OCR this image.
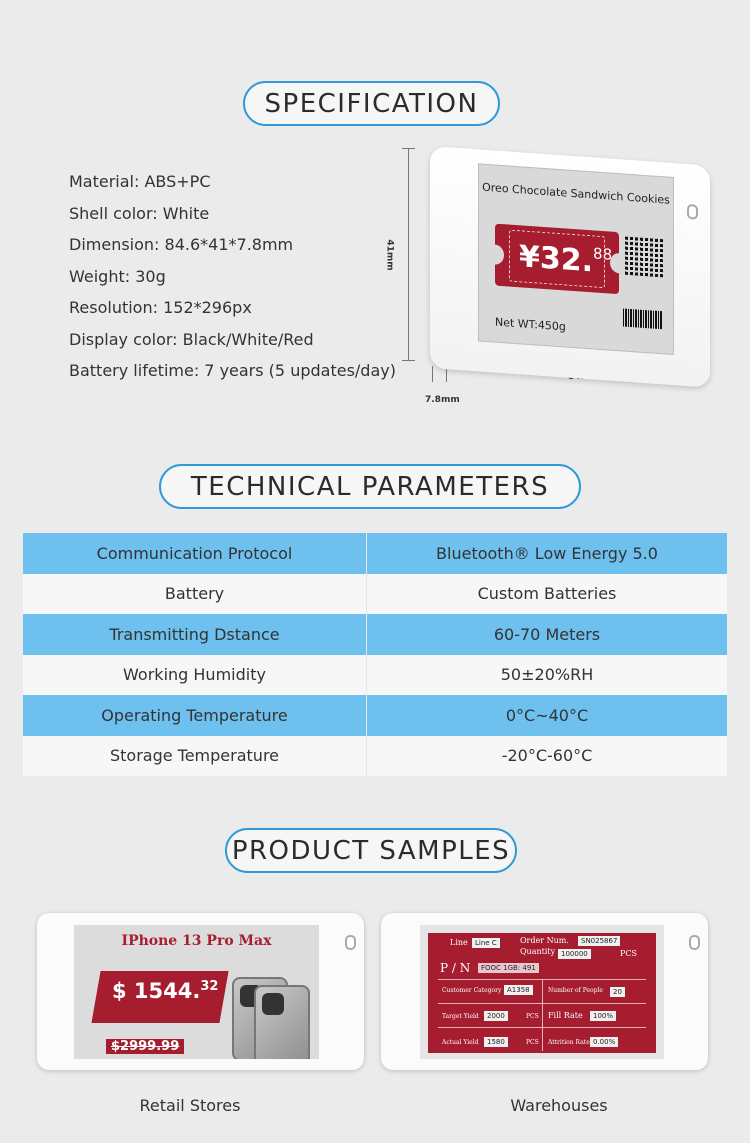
SPECIFICATION
Material: ABS+PC
Shell color: White
Dimension: 84.6*41*7.8mm
Weight: 30g
Resolution: 152*296px
Display color: Black/White/Red
Battery lifetime: 7 years (5 updates/day)
41mm
7.8mm
Oreo Chocolate Sandwich Cookies
¥32.88
Net WT:450g
TECHNICAL PARAMETERS
Communication Protocol	Bluetooth® Low Energy 5.0
Battery	Custom Batteries
Transmitting Dstance	60-70 Meters
Working Humidity	50±20%RH
Operating Temperature	0°C~40°C
Storage Temperature	-20°C-60°C
PRODUCT SAMPLES
IPhone 13 Pro Max
$ 1544.32
$2999.99
Line	Line C	Order Num.	SN025867
Quantity 100000	PCS
P / N	FOOC 1GB: 491
Customer Category A1358	Number of People	20
Target Yield	2000	PCS Fill Rate	100%
Actual Yield	1580	PCS Attrition Rate 0.00%
Retail Stores	Warehouses
